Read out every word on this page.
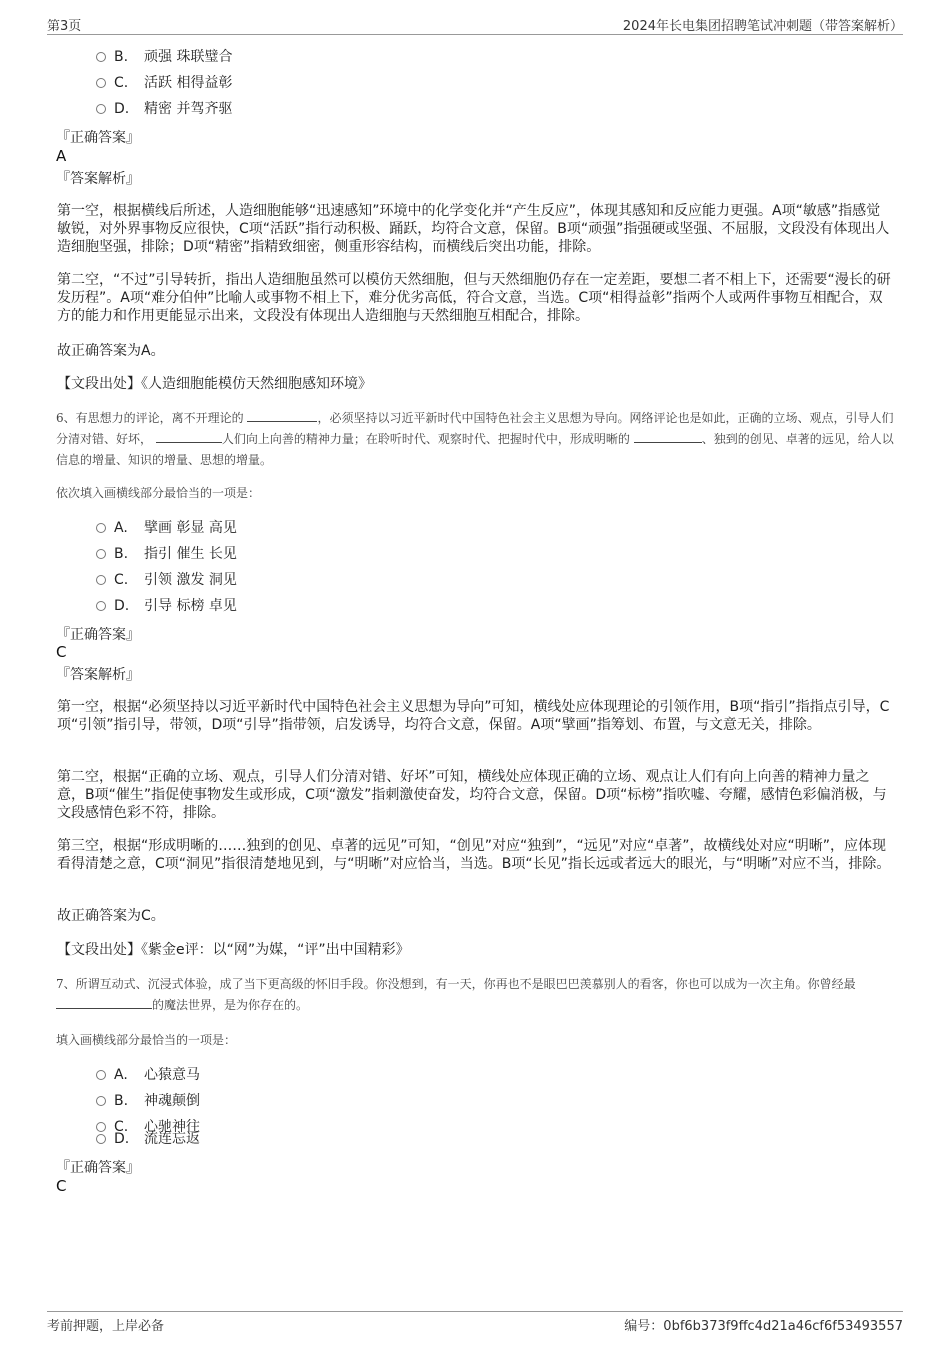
第3页	2024年长电集团招聘笔试冲刺题（带答案解析）
B. 顽强 珠联璧合
C. 活跃 相得益彰
D. 精密 并驾齐驱
『正确答案』
A
『答案解析』
第一空，根据横线后所述，人造细胞能够“迅速感知”环境中的化学变化并“产生反应”，体现其感知和反应能力更强。A项“敏感”指感觉敏锐，对外界事物反应很快，C项“活跃”指行动积极、踊跃，均符合文意，保留。B项“顽强”指强硬或坚强、不屈服，文段没有体现出人造细胞坚强，排除；D项“精密”指精致细密，侧重形容结构，而横线后突出功能，排除。
第二空，“不过”引导转折，指出人造细胞虽然可以模仿天然细胞，但与天然细胞仍存在一定差距，要想二者不相上下，还需要“漫长的研发历程”。A项“难分伯仲”比喻人或事物不相上下，难分优劣高低，符合文意，当选。C项“相得益彰”指两个人或两件事物互相配合，双方的能力和作用更能显示出来，文段没有体现出人造细胞与天然细胞互相配合，排除。
故正确答案为A。
【文段出处】《人造细胞能模仿天然细胞感知环境》
6、有思想力的评论，离不开理论的	，必须坚持以习近平新时代中国特色社会主义思想为导向。网络评论也是如此，正确的立场、观点，引导人们分清对错、好坏，	人们向上向善的精神力量；在聆听时代、观察时代、把握时代中，形成明晰的	、独到的创见、卓著的远见，给人以信息的增量、知识的增量、思想的增量。
依次填入画横线部分最恰当的一项是：
A. 擘画 彰显 高见
B. 指引 催生 长见
C. 引领 激发 洞见
D. 引导 标榜 卓见
『正确答案』
C
『答案解析』
第一空，根据“必须坚持以习近平新时代中国特色社会主义思想为导向”可知，横线处应体现理论的引领作用，B项“指引”指指点引导，C项“引领”指引导，带领，D项“引导”指带领，启发诱导，均符合文意，保留。A项“擘画”指筹划、布置，与文意无关，排除。
第二空，根据“正确的立场、观点，引导人们分清对错、好坏”可知，横线处应体现正确的立场、观点让人们有向上向善的精神力量之意，B项“催生”指促使事物发生或形成，C项“激发”指刺激使奋发，均符合文意，保留。D项“标榜”指吹嘘、夸耀，感情色彩偏消极，与文段感情色彩不符，排除。
第三空，根据“形成明晰的……独到的创见、卓著的远见”可知，“创见”对应“独到”，“远见”对应“卓著”，故横线处对应“明晰”，应体现看得清楚之意，C项“洞见”指很清楚地见到，与“明晰”对应恰当，当选。B项“长见”指长远或者远大的眼光，与“明晰”对应不当，排除。
故正确答案为C。
【文段出处】《紫金e评：以“网”为媒，“评”出中国精彩》
7、所谓互动式、沉浸式体验，成了当下更高级的怀旧手段。你没想到，有一天，你再也不是眼巴巴羡慕别人的看客，你也可以成为一次主角。你曾经最 的魔法世界，是为你存在的。
填入画横线部分最恰当的一项是：
A. 心猿意马
B. 神魂颠倒
C. 心驰神往
D. 流连忘返
『正确答案』
C
考前押题，上岸必备	编号：0bf6b373f9ffc4d21a46cf6f53493557
